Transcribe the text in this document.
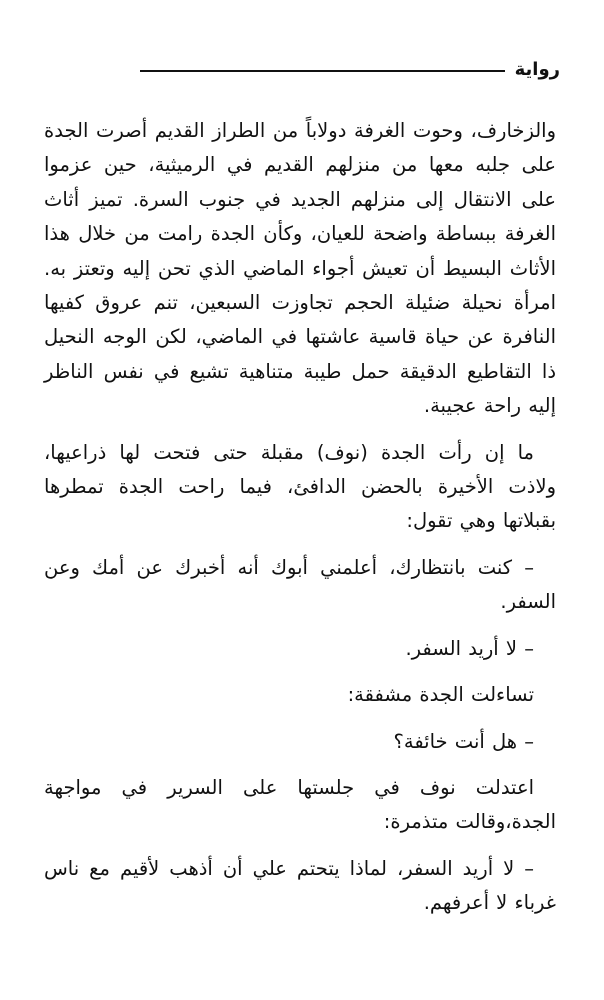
رواية

والزخارف، وحوت الغرفة دولاباً من الطراز القديم أصرت الجدة على جلبه معها من منزلهم القديم في الرميثية، حين عزموا على الانتقال إلى منزلهم الجديد في جنوب السرة. تميز أثاث الغرفة ببساطة واضحة للعيان، وكأن الجدة رامت من خلال هذا الأثاث البسيط أن تعيش أجواء الماضي الذي تحن إليه وتعتز به. امرأة نحيلة ضئيلة الحجم تجاوزت السبعين، تنم عروق كفيها النافرة عن حياة قاسية عاشتها في الماضي، لكن الوجه النحيل ذا التقاطيع الدقيقة حمل طيبة متناهية تشيع في نفس الناظر إليه راحة عجيبة.

ما إن رأت الجدة (نوف) مقبلة حتى فتحت لها ذراعيها، ولاذت الأخيرة بالحضن الدافئ، فيما راحت الجدة تمطرها بقبلاتها وهي تقول:

– كنت بانتظارك، أعلمني أبوك أنه أخبرك عن أمك وعن السفر.

– لا أريد السفر.

تساءلت الجدة مشفقة:

– هل أنت خائفة؟

اعتدلت نوف في جلستها على السرير في مواجهة الجدة،وقالت متذمرة:

– لا أريد السفر، لماذا يتحتم علي أن أذهب لأقيم مع ناس غرباء لا أعرفهم.
